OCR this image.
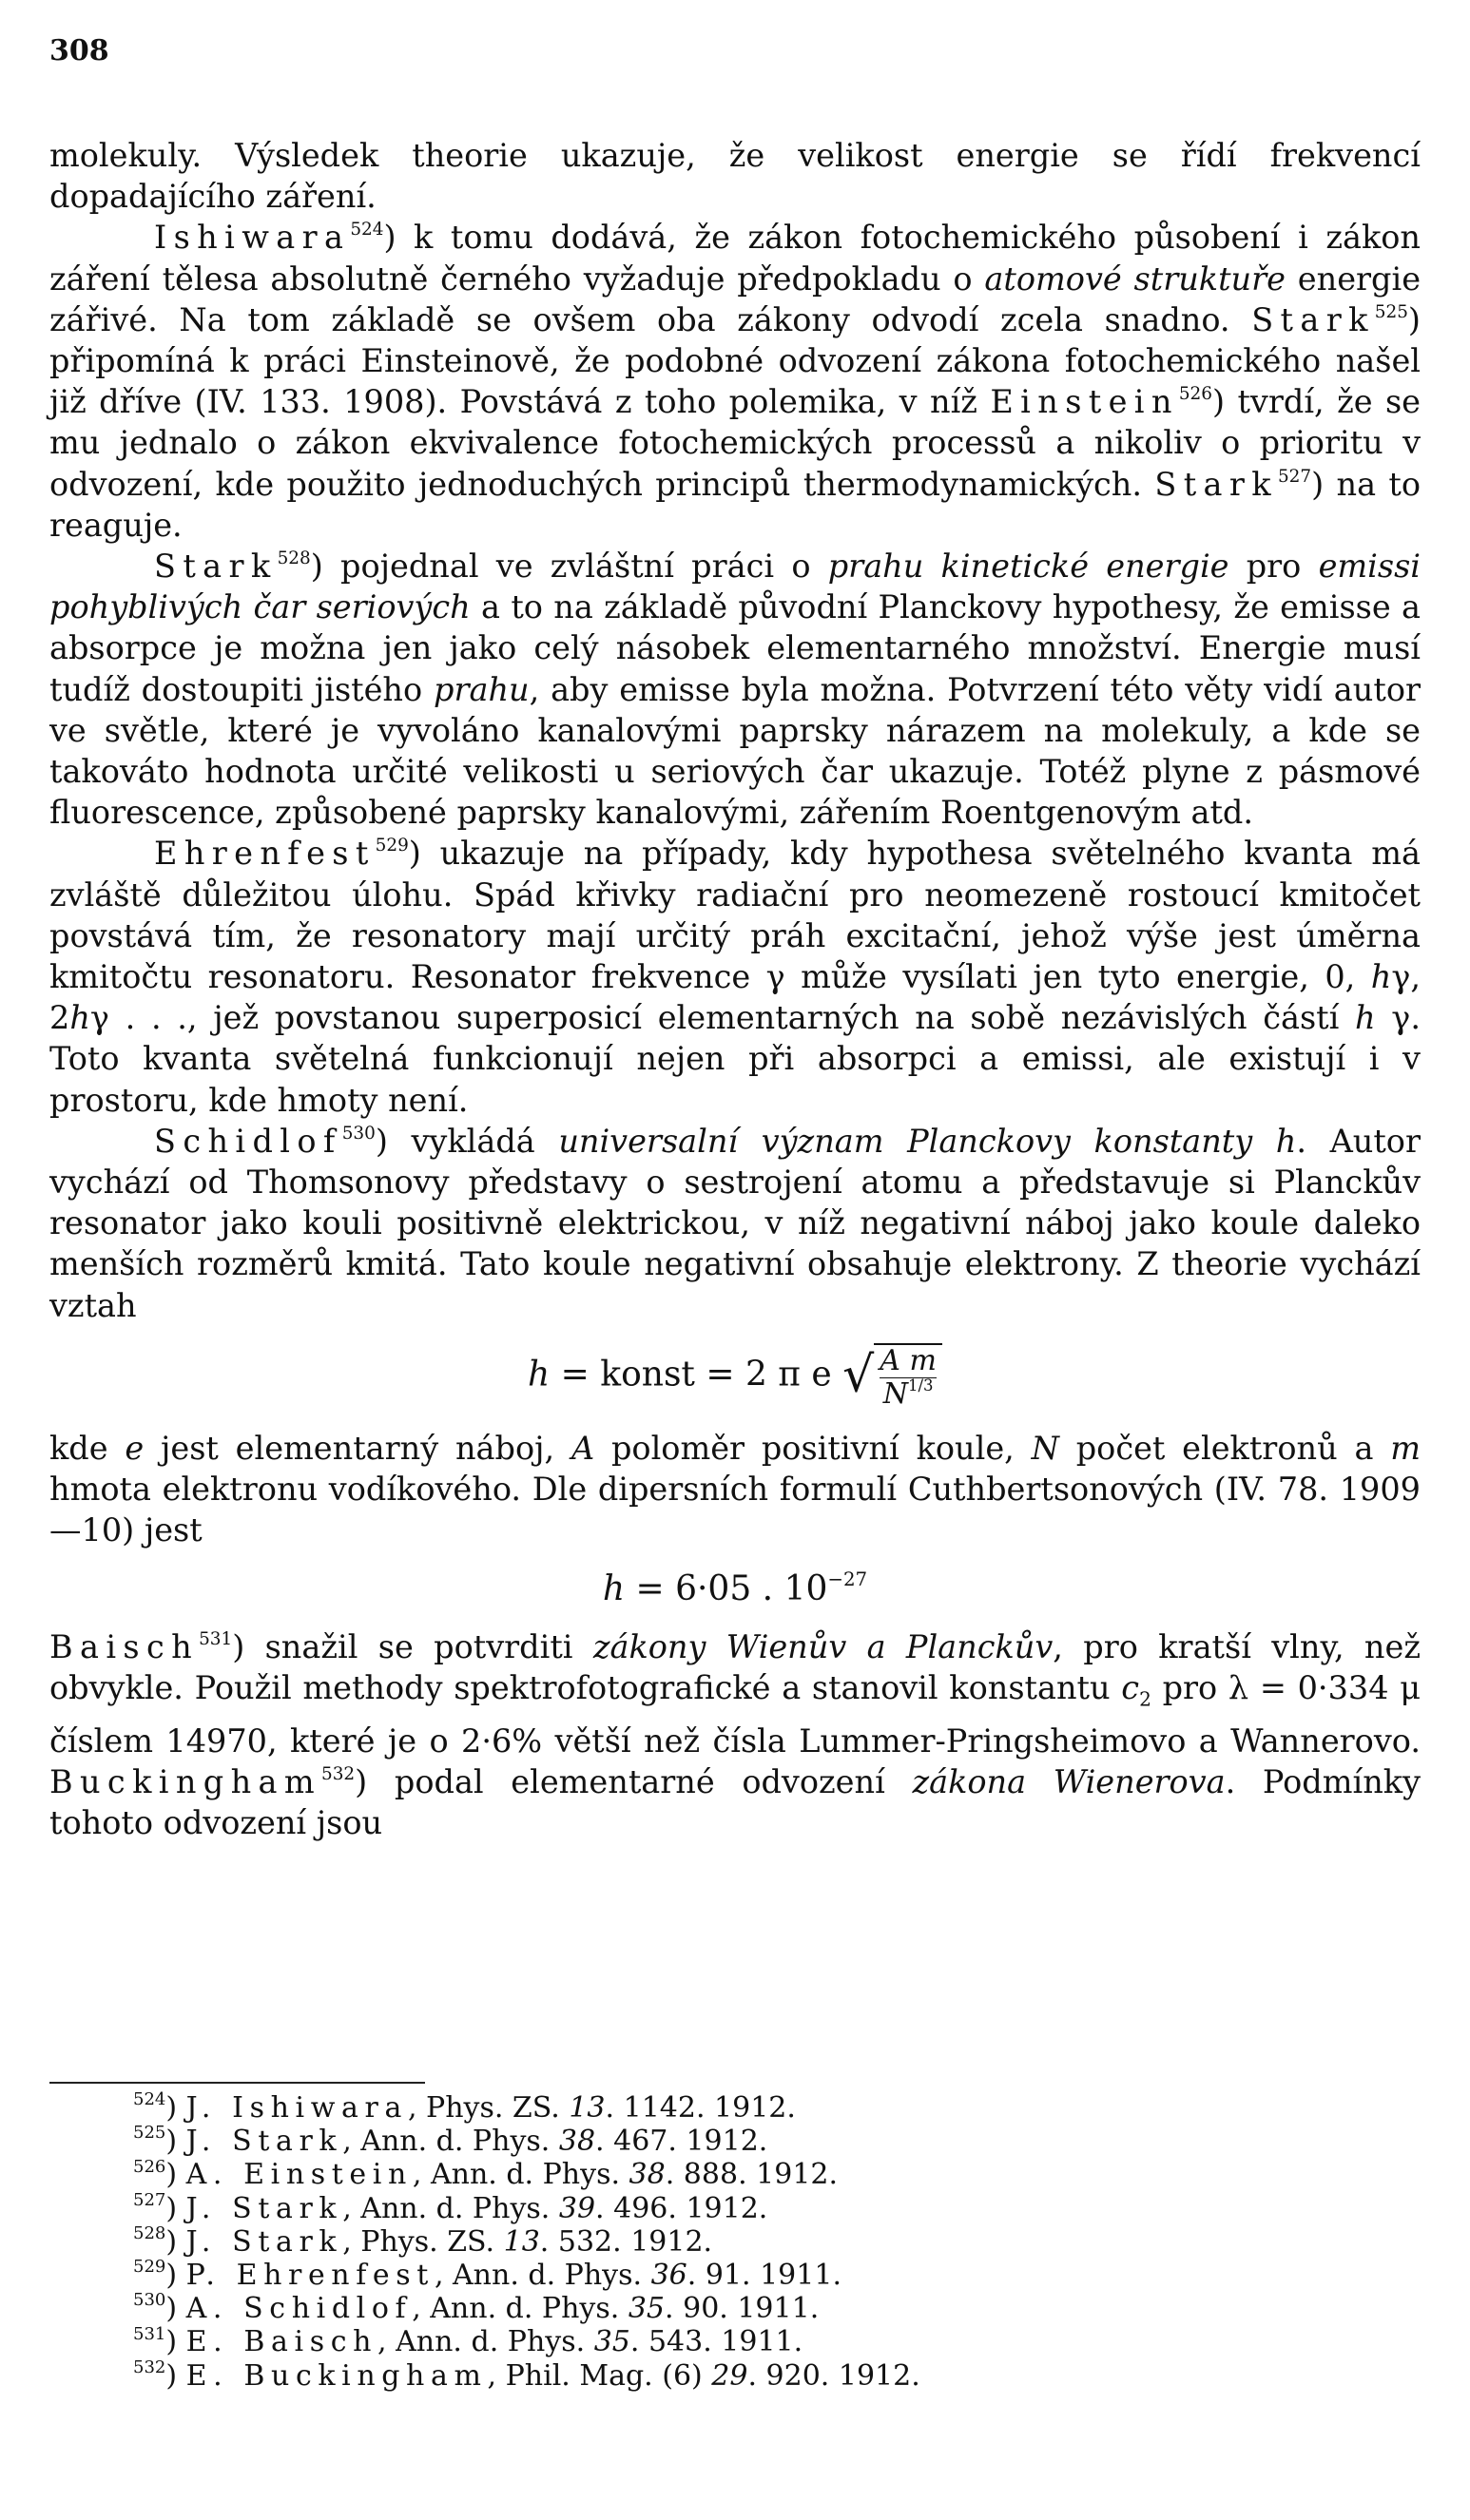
308

molekuly. Výsledek theorie ukazuje, že velikost energie se řídí frekvencí dopadajícího záření.

Ishiwara$^{524}$) k tomu dodává, že zákon fotochemického působení i zákon záření tělesa absolutně černého vyžaduje předpokladu o atomové struktuře energie zářivé. Na tom základě se ovšem oba zákony odvodí zcela snadno. Stark$^{525}$) připomíná k práci Einsteinově, že podobné odvození zákona fotochemického našel již dříve (IV. 133. 1908). Povstává z toho polemika, v níž Einstein$^{526}$) tvrdí, že se mu jednalo o zákon ekvivalence fotochemických processů a nikoliv o prioritu v odvození, kde použito jednoduchých principů thermodynamických. Stark$^{527}$) na to reaguje.

Stark$^{528}$) pojednal ve zvláštní práci o prahu kinetické energie pro emissi pohyblivých čar seriových a to na základě původní Planckovy hypothesy, že emisse a absorpce je možna jen jako celý násobek elementarného množství. Energie musí tudíž dostoupiti jistého prahu, aby emisse byla možna. Potvrzení této věty vidí autor ve světle, které je vyvoláno kanalovými paprsky nárazem na molekuly, a kde se takováto hodnota určité velikosti u seriových čar ukazuje. Totéž plyne z pásmové fluorescence, způsobené paprsky kanalovými, zářením Roentgenovým atd.

Ehrenfest$^{529}$) ukazuje na případy, kdy hypothesa světelného kvanta má zvláště důležitou úlohu. Spád křivky radiační pro neomezeně rostoucí kmitočet povstává tím, že resonatory mají určitý práh excitační, jehož výše jest úměrna kmitočtu resonatoru. Resonator frekvence γ může vysílati jen tyto energie, 0, hγ, 2hγ . . ., jež povstanou superposicí elementarných na sobě nezávislých částí h γ. Toto kvanta světelná funkcionují nejen při absorpci a emissi, ale existují i v prostoru, kde hmoty není.

Schidlof$^{530}$) vykládá universalní význam Planckovy konstanty h. Autor vychází od Thomsonovy představy o sestrojení atomu a představuje si Planckův resonator jako kouli positivně elektrickou, v níž negativní náboj jako koule daleko menších rozměrů kmitá. Tato koule negativní obsahuje elektrony. Z theorie vychází vztah

h = konst = 2 π e √ $\frac{\text{A m}}{N^{1/3}}$

kde e jest elementarný náboj, A poloměr positivní koule, N počet elektronů a m hmota elektronu vodíkového. Dle dipersních formulí Cuthbertsonových (IV. 78. 1909—10) jest

h = 6·05 . $10^{-27}$

Baisch$^{531}$) snažil se potvrditi zákony Wienův a Planckův, pro kratší vlny, než obvykle. Použil methody spektrofotografické a stanovil konstantu $c_2$ pro λ = 0·334 μ číslem 14970, které je o 2·6% větší než čísla Lummer-Pringsheimovo a Wannerovo. Buckingham$^{532}$) podal elementarné odvození zákona Wienerova. Podmínky tohoto odvození jsou

$^{524}$) J. Ishiwara, Phys. ZS. 13. 1142. 1912.
$^{525}$) J. Stark, Ann. d. Phys. 38. 467. 1912.
$^{526}$) A. Einstein, Ann. d. Phys. 38. 888. 1912.
$^{527}$) J. Stark, Ann. d. Phys. 39. 496. 1912.
$^{528}$) J. Stark, Phys. ZS. 13. 532. 1912.
$^{529}$) P. Ehrenfest, Ann. d. Phys. 36. 91. 1911.
$^{530}$) A. Schidlof, Ann. d. Phys. 35. 90. 1911.
$^{531}$) E. Baisch, Ann. d. Phys. 35. 543. 1911.
$^{532}$) E. Buckingham, Phil. Mag. (6) 29. 920. 1912.
